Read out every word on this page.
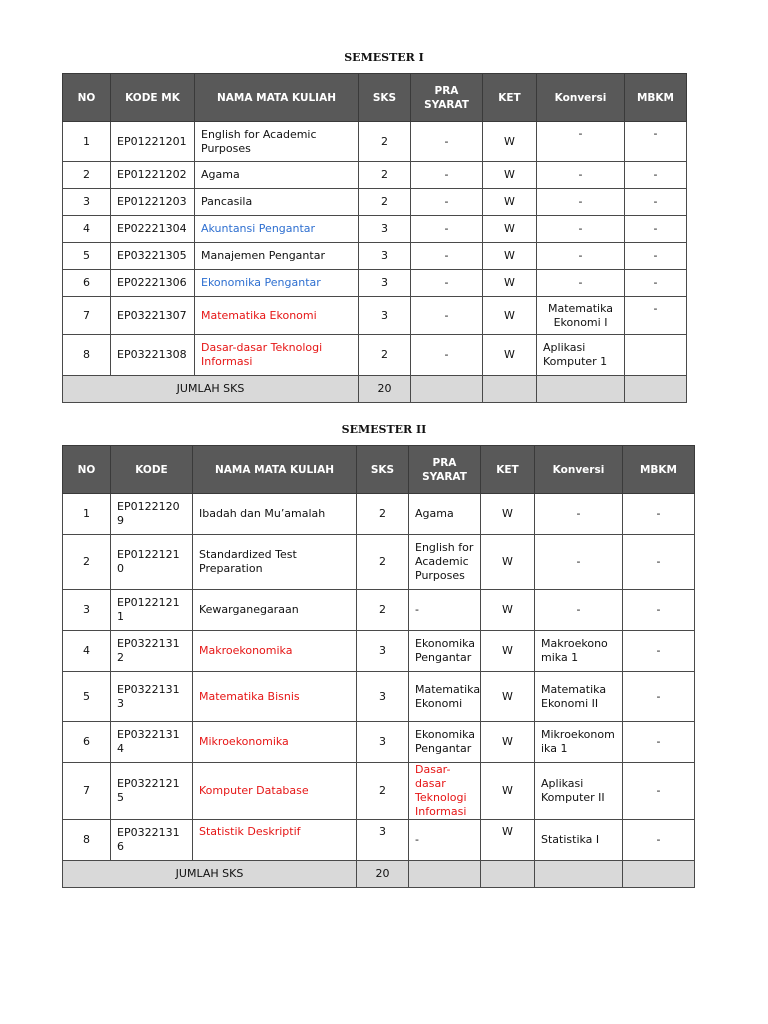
SEMESTER I
NO	KODE MK	NAMA MATA KULIAH	SKS	PRA SYARAT	KET	Konversi	MBKM
1	EP01221201	English for Academic Purposes	2	-	W	-	-
2	EP01221202	Agama	2	-	W	-	-
3	EP01221203	Pancasila	2	-	W	-	-
4	EP02221304	Akuntansi Pengantar	3	-	W	-	-
5	EP03221305	Manajemen Pengantar	3	-	W	-	-
6	EP02221306	Ekonomika Pengantar	3	-	W	-	-
7	EP03221307	Matematika Ekonomi	3	-	W	Matematika Ekonomi I	-
8	EP03221308	Dasar-dasar Teknologi Informasi	2	-	W	Aplikasi Komputer 1	
JUMLAH SKS			20				
SEMESTER II
NO	KODE	NAMA MATA KULIAH	SKS	PRA SYARAT	KET	Konversi	MBKM
1	EP01221209	Ibadah dan Mu’amalah	2	Agama	W	-	-
2	EP01221210	Standardized Test Preparation	2	English for Academic Purposes	W	-	-
3	EP01221211	Kewarganegaraan	2	-	W	-	-
4	EP03221312	Makroekonomika	3	Ekonomika Pengantar	W	Makroekonomika 1	-
5	EP03221313	Matematika Bisnis	3	Matematika Ekonomi	W	Matematika Ekonomi II	-
6	EP03221314	Mikroekonomika	3	Ekonomika Pengantar	W	Mikroekonomika 1	-
7	EP03221215	Komputer Database	2	Dasar-dasar Teknologi Informasi	W	Aplikasi Komputer II	-
8	EP03221316	Statistik Deskriptif	3	-	W	Statistika I	-
JUMLAH SKS			20				
